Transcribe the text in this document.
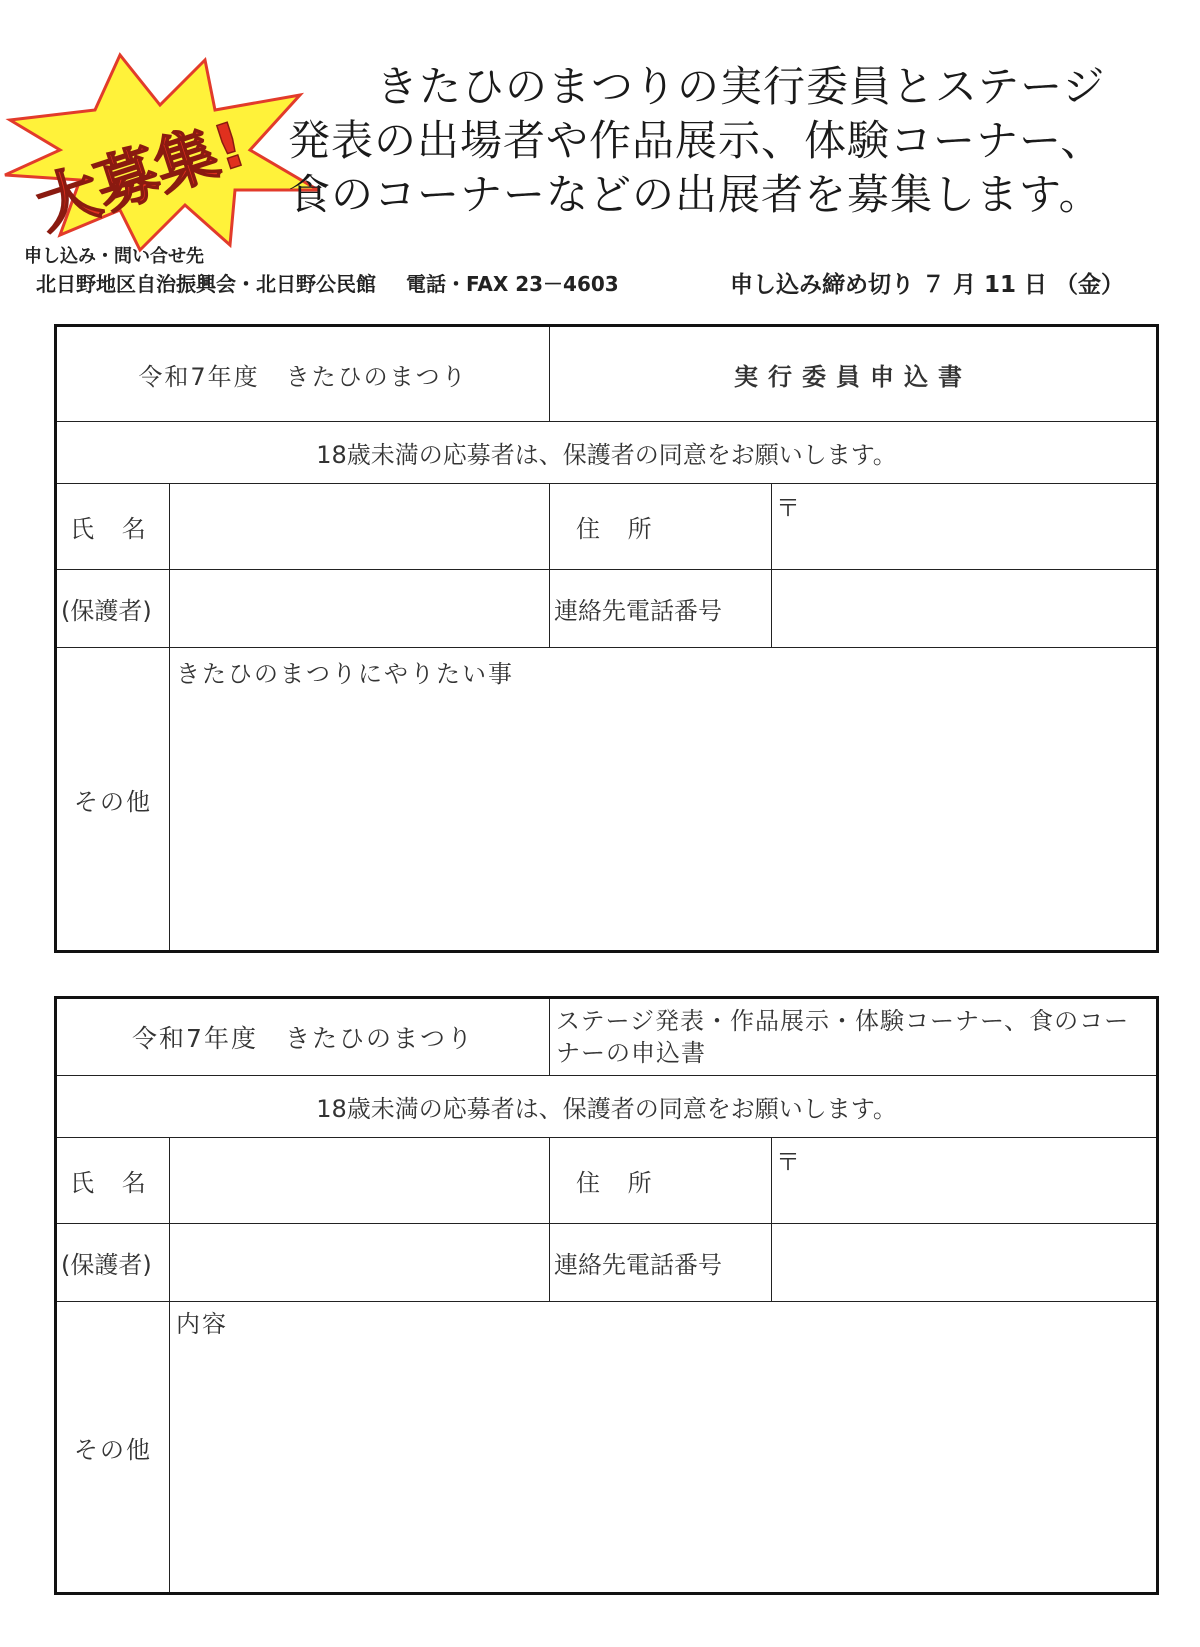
大募集!
きたひのまつりの実行委員とステージ
発表の出場者や作品展示、体験コーナー、
食のコーナーなどの出展者を募集します。
申し込み・問い合せ先
北日野地区自治振興会・北日野公民館 電話・FAX 23－4603	申し込み締め切り ７ 月 11 日 （金）
令和7年度　きたひのまつり		実行委員申込書	
18歳未満の応募者は、保護者の同意をお願いします。			
氏 名		住 所	〒
(保護者)		連絡先電話番号	
その他	きたひのまつりにやりたい事		
令和7年度　きたひのまつり		ステージ発表・作品展示・体験コーナー、食のコーナーの申込書	
18歳未満の応募者は、保護者の同意をお願いします。			
氏 名		住 所	〒
(保護者)		連絡先電話番号	
その他	内容		
